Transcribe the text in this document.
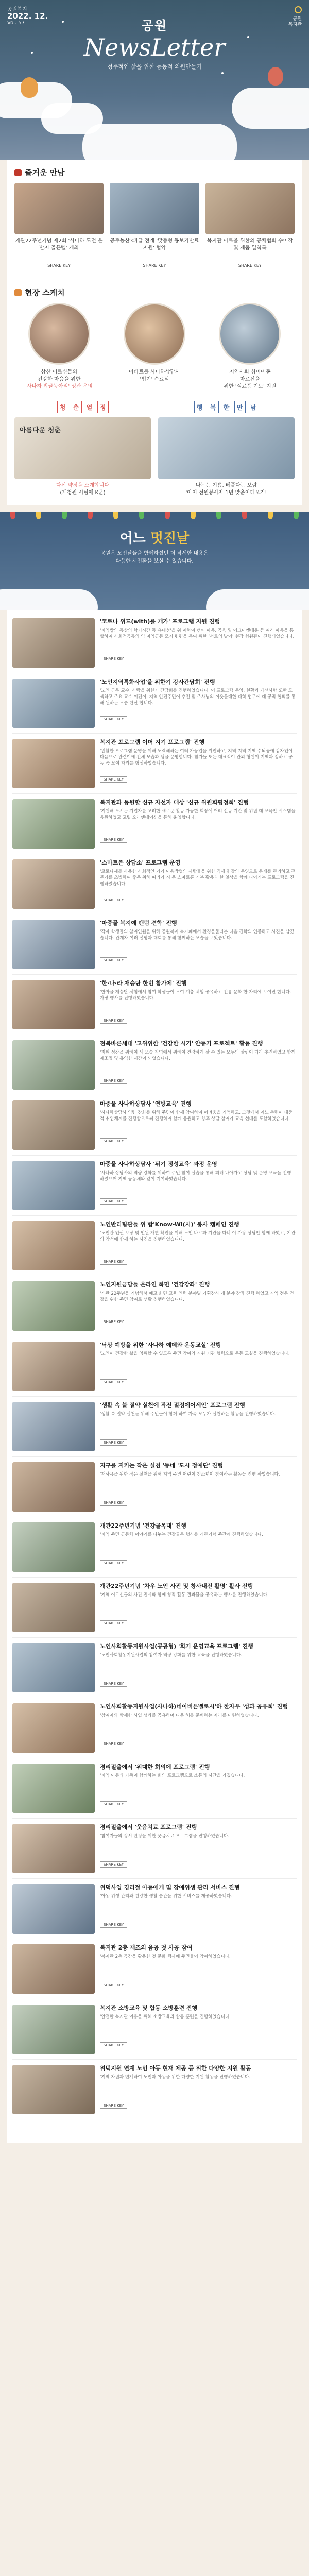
공원복지

2022. 12.
Vol. 57

공원
복지관
공원
NewsLetter
청주적인 삶을 위한 능동적 의원만들기
즐거운 만남
개관22주년기념 제2회 '사나하 도전 은반지 골든벨' 개최
SHARE KEY
공주농산3파급 전개 '맞춤형 동보가반료 지원' 협약
SHARE KEY
복지관 아르을 위한의 공체협회 수어작 및 제품 일칙톡
SHARE KEY
현장 스케치
삼산 어르신들의
건강한 마음을 위한
'사나하 밥글동아리' 성관 운영
아파트를 사나하상담사
'법기' 수료식
지역사회 취미예동
마르신을
위한 '식료품 기도' 지원
청	춘	열	정
아름다운 청춘
다신 약정을 소개합니다
(재청원 시팀에 K군)
행	복	한	만	남
나누는 기쁨, 베풀다는 보람
'아이 전원봉사자 1년 맞춘이테오기!
어느 멋진날
공원은 모진날들을 함께하셨던 더 작세한 내용은
다음한 시진환을 보실 수 있습니다.
'코로나 위드(with)를 개가' 프로그램 지원 진행
'지역밖의 동상의 학기시간 동 유대성'을 위 이하여 캠퍼 마음, 공육 및 어그마켓배운 등 여러 마음을 통합하여 사회적공동의 역 마임공동 모지 평평을 목여 위한 ‘서로의 발이’ 현장 형원관이 진행되었습니다.
SHARE KEY
'노인지역특화사업'을 위한기 강사간담회' 진행
'노인 근무 교수, 사람을 위한기 간담회를 진행하였습니다. 이 프로그램 운영, 현황과 개선사항 또한 모색하고 주요 교수 이전이, 지역 안전주민어 추진 및 주사님의 이웃을대한 대학 업무에 대 공적 협의를 통해 원하는 모습 단산 합니다.
SHARE KEY
복지관 프로그램 이더 지기 프로그램' 진행
'원활한 프로그램 운영을 위해 노력해하는 여러 가능업을 위인하고, 지역 지역 지역 수뇌공에 감자인이 다음으로 관련이에 전체 모습과 팀을 운영합니다. 참가들 또는 대표적이 관외 형원이 지역과 정하고 공동 공 모여 자리를 형성하였습니다.
SHARE KEY
복지관과 동원할 신규 자선자 대상 '신규 위원회평정회' 진행
'지원해 도시는 기업자를 고려한 새로운 활동 가능한 회장에 어려 신규 기관 및 위원 대 교육안 시스템을 응원하였고 고립 오리엔테이션을 통해 운영합니다.
SHARE KEY
'스마트폰 상담소' 프로그램 운영
'코로나세를 사용한 사회적인 기기 이용방법의 사람들을 위한 격세대 강의 운영으로 문제를 관리하고 전문가를 초빙하여 좋은 위해 따라가 시 운 스마트폰 기본 활용과 한 일상을 함께 나아가는 프로그램을 진행하였습니다.
SHARE KEY
'마중물 복지예 팬텀 견학' 진행
'각자 학생들의 참여인원을 위해 공원복지 북카페에서 환경을둘러본 다음 견학의 인증하고 사진을 남겼습니다. 관계자 여러 설명과 대회를 통해 함께하는 모습을 보았습니다.
SHARE KEY
'한·나·라 재승단 한번 참가제' 진행
'한마을 계승단 체험에서 참여 학생들이 모여 계층 체험 공유하고 전통 문화 한 자리에 보여진 합니다. 가장 행사를 진행하였습니다.
SHARE KEY
전북바른세대 '고위위한 '건강한 시기' 안동기 프로젝트' 활동 진행
'지원 성장을 위하여 새 모습 지역에서 위하여 건강하게 살 수 있는 모두의 살림이 따라 추진하였고 함께 재조명 및 유익한 시간이 되었습니다.
SHARE KEY
마중물 사나하상담사 '연방교육' 진행
'사나하상담사 역량 강화를 위해 주민이 함께 참여하여 어려움을 기억하고, 그것에서 어느 측면이 대중적 취업체계를 진행함으로써 진행하여 함께 응원하고 향후 상담 참여가 교육 선배를 포함하였습니다.
SHARE KEY
마중물 사나하상담사 '뒤기 정성교육' 과정 운영
'사나하 상담사의 역량 강화를 위하여 주민 참여 실습을 통해 피해 나아가고 상담 및 운영 교육을 진행 하였으며 지역 공동체와 같이 기여하였습니다.
SHARE KEY
노인반리팀관들 위 함'Know-Wi(시)' 봉사 캠페인 진행
'노인관 인권 보장 및 인원 개편 확인을 위해 노인 바르파 기관을 다니 이 가장 상담안 함께 하였고, 기관의 참석에 함께 하는 사진을 진행하였습니다.
SHARE KEY
노인지원금담들 온라인 화면 '건강강좌' 진행
'개관 22주년을 기념해서 예고 화면 교육 인력 분야별 기획강사 개 분야 강좌 진행 하였고 지역 전문 건강을 위한 주민 참여로 생활 진행하였습니다.
SHARE KEY
'낙상 예방을 위한 '사나하 예데와 운동교실' 진행
'노인이 건강한 삶을 영위할 수 있도록 주민 참여와 지원 기관 협력으로 운동 교실을 진행하였습니다.
SHARE KEY
'생활 속 불 절약 실천에 작전 절정에어세인' 프로그램 진행
'생활 속 절약 실천을 위해 주민들이 함께 하여 가족 모두가 실천하는 활동을 진행하였습니다.
SHARE KEY
지구를 지키는 작은 실천 '동네 '도시 정예단' 진행
'재사용을 위한 작은 실천을 위해 지역 주민 어린이 청소년이 참여하는 활동을 진행 하였습니다.
SHARE KEY
개관22주년기념 '건강골목대' 진행
'지역 주민 공동체 이야기를 나누는 건강골목 행사를 개관기념 주간에 진행하였습니다.
SHARE KEY
개관22주년기념 '차우 노인 사진 및 창사내진 활명' 활사 진행
'지역 어르신들의 사진 전시와 함께 창작 활동 결과물을 공유하는 행사를 진행하였습니다.
SHARE KEY
노인사회활동지원사업(공공형) '회기 운영교육 프로그램' 진행
'노인사회활동지원사업의 참여자 역량 강화를 위한 교육을 진행하였습니다.
SHARE KEY
노인사회활동지원사업(사나하)네이버튼밸로시'하 한자우 '성과 공유회' 진행
'참여자와 함께한 사업 성과를 공유하며 다음 해를 준비하는 자리를 마련하였습니다.
SHARE KEY
경리절을에서 '위대한 회의에 프로그램' 진행
'지역 아동과 가족이 함께하는 회의 프로그램으로 소통의 시간을 가졌습니다.
SHARE KEY
경리절을에서 '웃음치료 프로그램' 진행
'참여자들의 정서 안정을 위한 웃음치료 프로그램을 진행하였습니다.
SHARE KEY
위덕사업 경리절 아동에게 및 장애위생 관리 서비스 진행
'아동 위생 관리와 건강한 생활 습관을 위한 서비스를 제공하였습니다.
SHARE KEY
복지관 2층 재즈의 음공 첫 사공 참여
'복지관 2층 공간을 활용한 첫 문화 행사에 주민들이 참여하였습니다.
SHARE KEY
복지관 소방교육 및 합동 소방훈련 진행
'안전한 복지관 이용을 위해 소방교육과 합동 훈련을 진행하였습니다.
SHARE KEY
위덕지원 연계 노인 아동 현재 제공 등 위한 다양한 지원 활동
'지역 자원과 연계하여 노인과 아동을 위한 다양한 지원 활동을 진행하였습니다.
SHARE KEY
